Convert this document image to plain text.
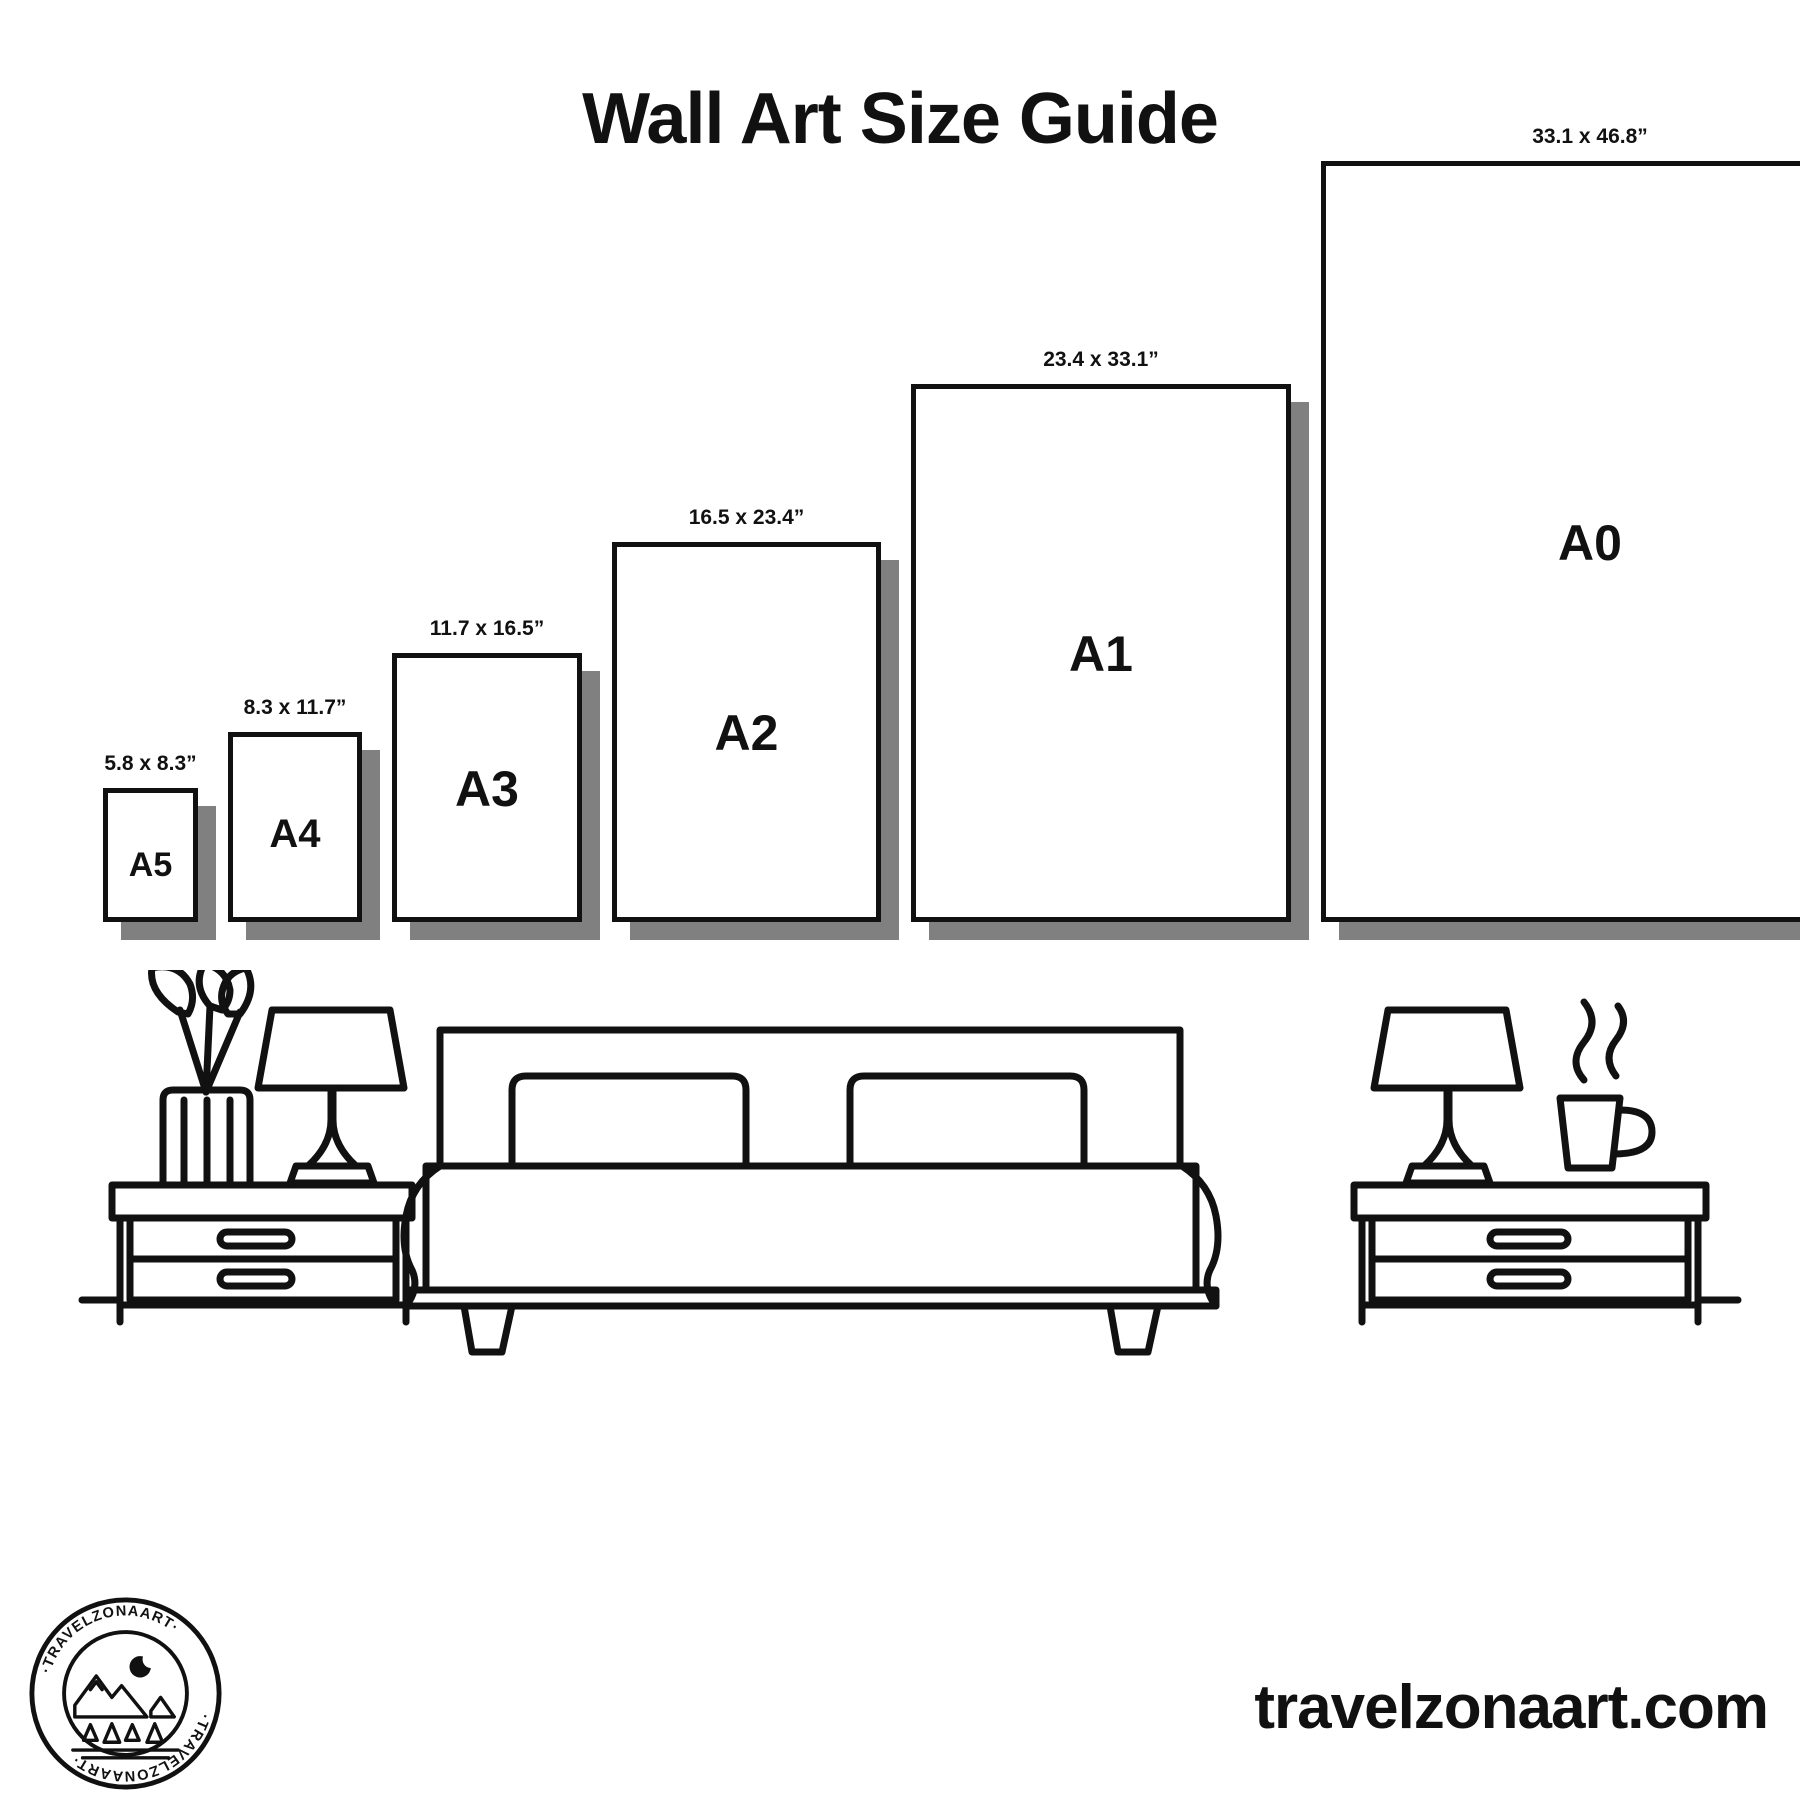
Wall Art Size Guide
A5
5.8 x 8.3”
A4
8.3 x 11.7”
A3
11.7 x 16.5”
A2
16.5 x 23.4”
A1
23.4 x 33.1”
A0
33.1 x 46.8”
·TRAVELZONAART·
·TRAVELZONAART·
travelzonaart.com
